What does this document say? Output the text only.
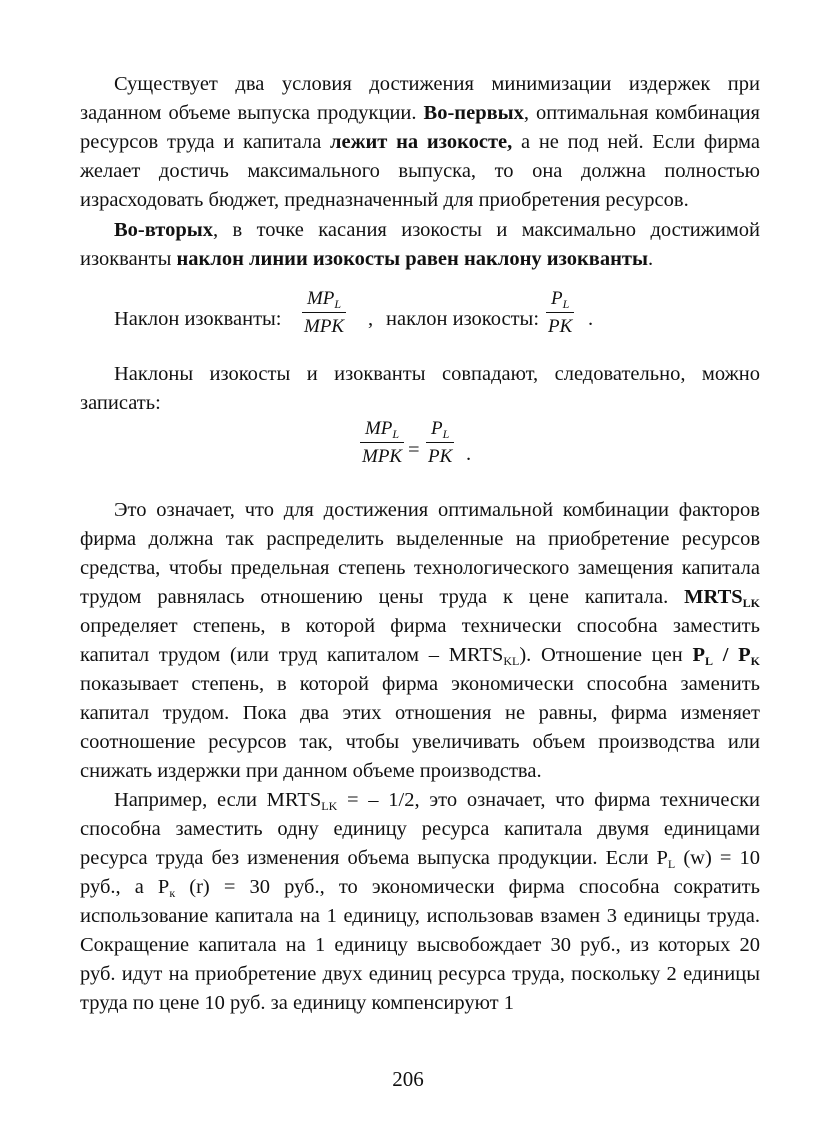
Существует два условия достижения минимизации издержек при заданном объеме выпуска продукции. Во-первых, оптимальная комбинация ресурсов труда и капитала лежит на изокосте, а не под ней. Если фирма желает достичь максимального выпуска, то она должна полностью израсходовать бюджет, предназначенный для приобретения ресурсов.

Во-вторых, в точке касания изокосты и максимально достижимой изокванты наклон линии изокосты равен наклону изокванты.

Наклон изокванты:
$MP_L$
MPK , наклон изокосты:
$P_L$
PK .

Наклоны изокосты и изокванты совпадают, следовательно, можно записать:

$MP_L$
MPK =
$P_L$
PK .

Это означает, что для достижения оптимальной комбинации факторов фирма должна так распределить выделенные на приобретение ресурсов средства, чтобы предельная степень технологического замещения капитала трудом равнялась отношению цены труда к цене капитала. $MRTS_{LK}$ определяет степень, в которой фирма технически способна заместить капитал трудом (или труд капиталом – $MRTS_{KL}$). Отношение цен $P_L / P_K$ показывает степень, в которой фирма экономически способна заменить капитал трудом. Пока два этих отношения не равны, фирма изменяет соотношение ресурсов так, чтобы увеличивать объем производства или снижать издержки при данном объеме производства.

Например, если $MRTS_{LK}$ = – 1/2, это означает, что фирма технически способна заместить одну единицу ресурса капитала двумя единицами ресурса труда без изменения объема выпуска продукции. Если $P_L$ (w) = 10 руб., а $P_к$ (r) = 30 руб., то экономически фирма способна сократить использование капитала на 1 единицу, использовав взамен 3 единицы труда. Сокращение капитала на 1 единицу высвобождает 30 руб., из которых 20 руб. идут на приобретение двух единиц ресурса труда, поскольку 2 единицы труда по цене 10 руб. за единицу компенсируют 1

206
